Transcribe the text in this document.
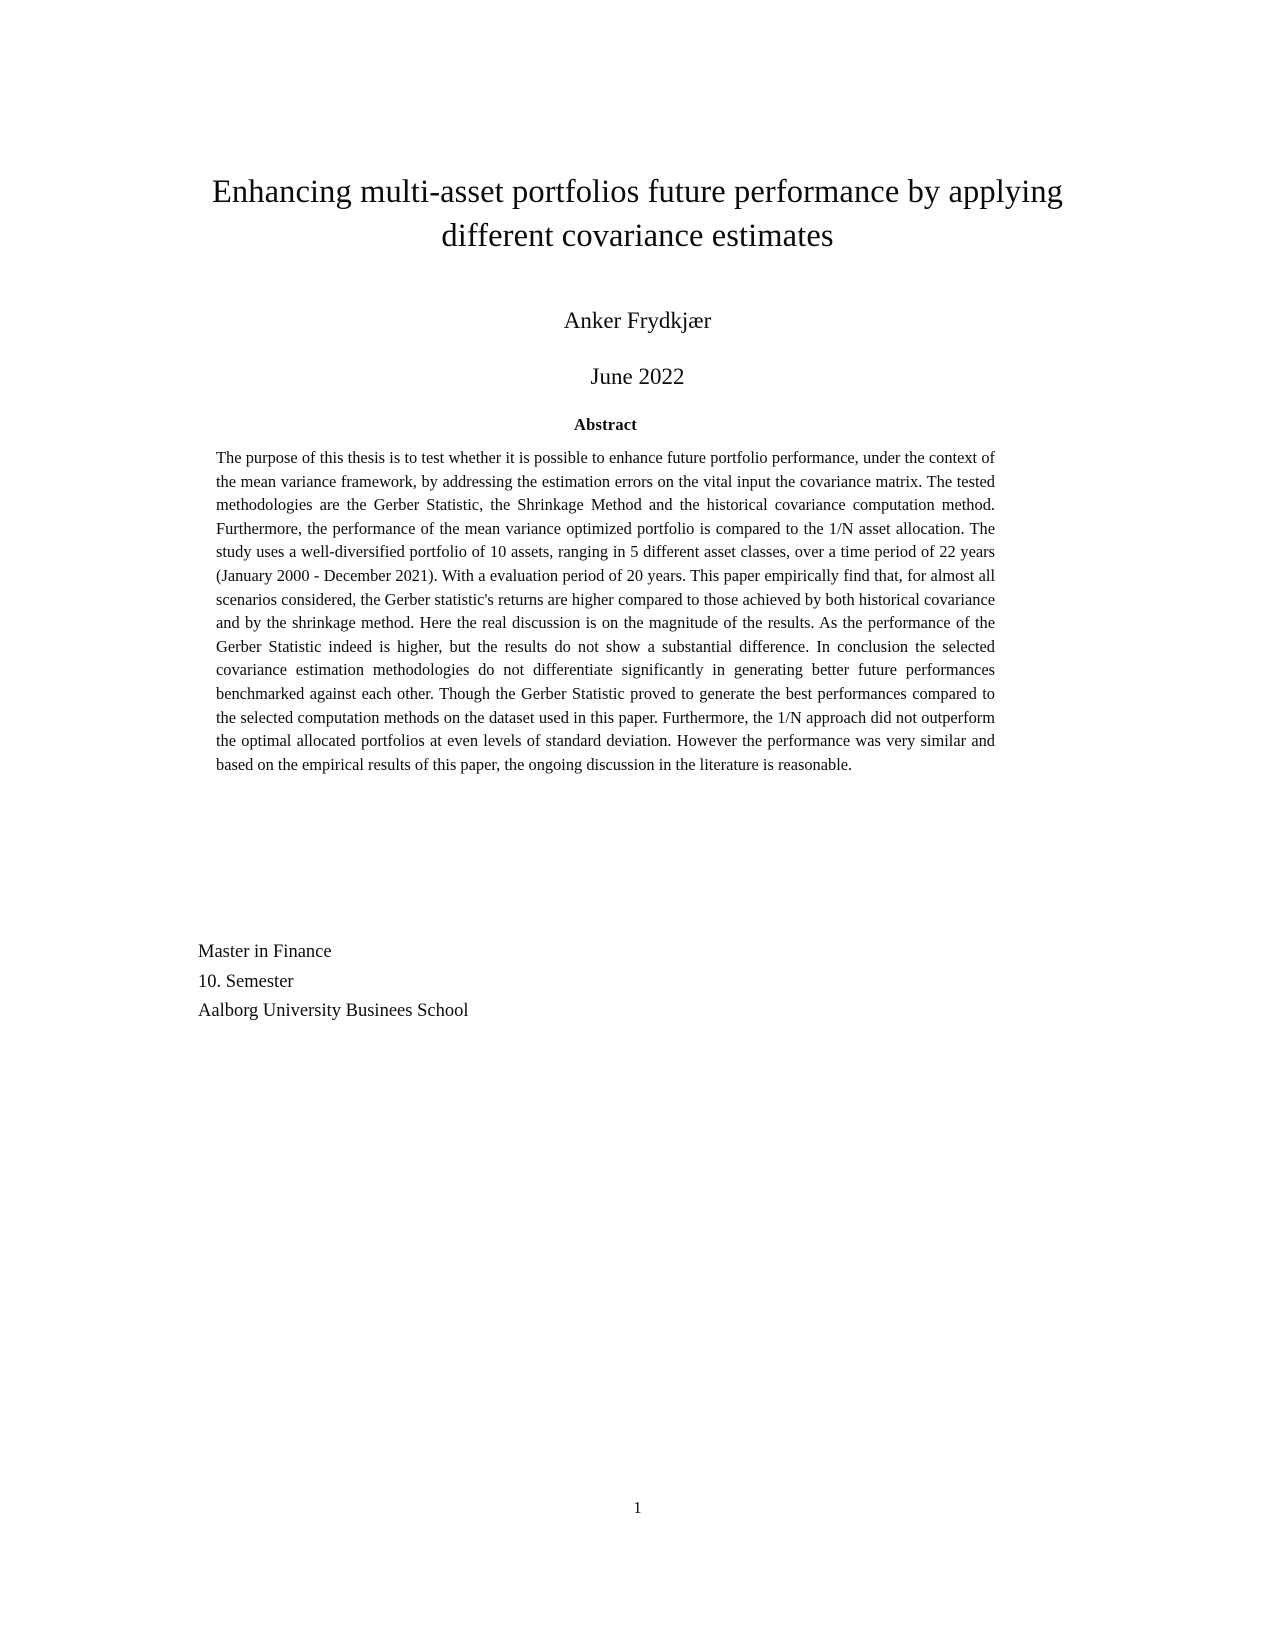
Enhancing multi-asset portfolios future performance by applying different covariance estimates

Anker Frydkjær

June 2022

Abstract

The purpose of this thesis is to test whether it is possible to enhance future portfolio performance, under the context of the mean variance framework, by addressing the estimation errors on the vital input the covariance matrix. The tested methodologies are the Gerber Statistic, the Shrinkage Method and the historical covariance computation method. Furthermore, the performance of the mean variance optimized portfolio is compared to the 1/N asset allocation. The study uses a well-diversified portfolio of 10 assets, ranging in 5 different asset classes, over a time period of 22 years (January 2000 - December 2021). With a evaluation period of 20 years. This paper empirically find that, for almost all scenarios considered, the Gerber statistic's returns are higher compared to those achieved by both historical covariance and by the shrinkage method. Here the real discussion is on the magnitude of the results. As the performance of the Gerber Statistic indeed is higher, but the results do not show a substantial difference. In conclusion the selected covariance estimation methodologies do not differentiate significantly in generating better future performances benchmarked against each other. Though the Gerber Statistic proved to generate the best performances compared to the selected computation methods on the dataset used in this paper. Furthermore, the 1/N approach did not outperform the optimal allocated portfolios at even levels of standard deviation. However the performance was very similar and based on the empirical results of this paper, the ongoing discussion in the literature is reasonable.

Master in Finance

10. Semester

Aalborg University Businees School

1
